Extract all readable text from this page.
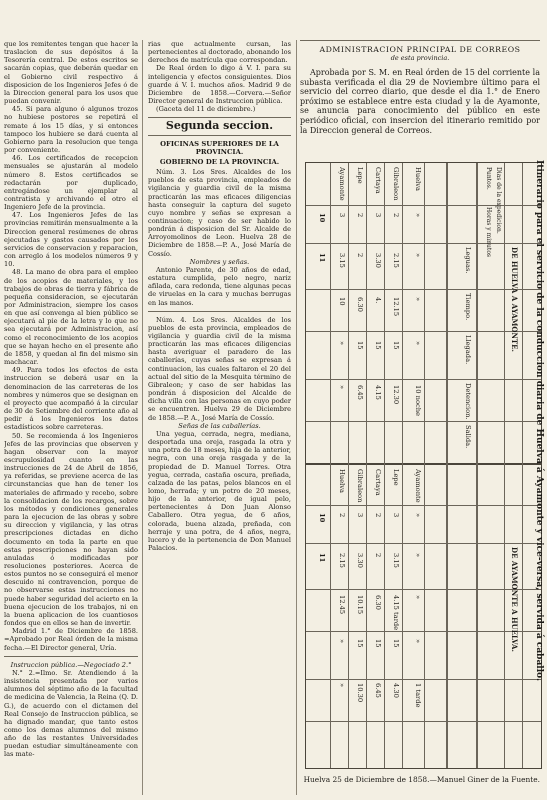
que los remitentes tengan que hacer la traslacion de sus depósitos á la Tesorería central. De estos escritos se sacarán copias, que deberán quedar en el Gobierno civil respectivo á disposicion de los Ingenieros Jefes ó de la Direccion general para los usos que puedan convenir.

45. Si para alguno ó algunos trozos no hubiese postores se repetirá el remate á los 15 días, y si entonces tampoco los hubiere se dará cuenta al Gobierno para la resolucion que tenga por conveniente.

46. Los certificados de recepcion mensuales se ajustarán al modelo número 8. Estos certificados se redactarán por duplicado, entregándose un ejemplar al contratista y archivando el otro el Ingeniero Jefe de la provincia.

47. Los Ingenieros Jefes de las provincias remitirán mensualmente a la Direccion general resúmenes de obras ejecutadas y gastos causados por los servicios de conservacion y reparacion, con arreglo á los modelos números 9 y 10.

48. La mano de obra para el empleo de los acopios de materiales, y los trabajos de obras de tierra y fábrica de pequeña consideracion, se ejecutarán por Administracion, siempre los casos en que así convenga al bien público se ejecutará al pie de la letra y lo que no sea ejecutará por Administracion, así como el reconocimiento de los acopios que se hayan hecho en el presente año de 1858, y quedan al fin del mismo sin machacar.

49. Para todos los efectos de esta instruccion se deberá usar en la denominacion de las carreteras de los nombres y números que se designan en el proyecto que acompañó á la circular de 30 de Setiembre del corriente año al pedir á los Ingenieros los datos estadísticos sobre carreteras.

50. Se recomienda á los Ingenieros Jefes de las provincias que observen y hagan observar con la mayor escrupulosidad cuanto en las instrucciones de 24 de Abril de 1856, ya referidas, se previene acerca de las circunstancias que han de tener los materiales de afirmado y recebo, sobre la consolidacion de los recargos, sobre los métodos y condiciones generales para la ejecucion de las obras y sobre su direccion y vigilancia, y las otras prescripciones dictadas en dicho documento en toda la parte en que estas prescripciones no hayan sido anuladas ó modificadas por resoluciones posteriores. Acerca de estos puntos no se conseguirá el menor descuido ni contravencion, porque de no observarse estas instrucciones no puede haber seguridad del acierto en la buena ejecucion de los trabajos, ni en la buena aplicacion de los cuantiosos fondos que en ellos se han de invertir.

Madrid 1.° de Diciembre de 1858. =Aprobado por Real órden de la misma fecha.—El Director general, Uría.

Instruccion pública.—Negociado 2.°

N.° 2.=Ilmo. Sr. Atendiendo á la insistencia presentada por varios alumnos del séptimo año de la facultad de medicina de Valencia, la Reina (Q. D. G.), de acuerdo con el dictamen del Real Consejo de Instruccion pública, se ha dignado mandar, que tanto estos como los demas alumnos del mismo año de las restantes Universidades puedan estudiar simultáneamente con las mate-

rias que actualmente cursan, las pertenecientes al doctorado, abonando los derechos de matrícula que correspondan.

De Real órden lo digo á V. I. para su inteligencia y efectos consiguientes. Dios guarde á V. I. muchos años. Madrid 9 de Diciembre de 1858.—Corvera.—Señor Director general de Instruccion pública.

(Gaceta del 11 de diciembre.)

Segunda seccion.
OFICINAS SUPERIORES DE LA PROVINCIA.
GOBIERNO DE LA PROVINCIA.

Núm. 3. Los Sres. Alcaldes de los pueblos de esta provincia, empleados de vigilancia y guardia civil de la misma practicarán las mas eficaces diligencias hasta conseguir la captura del sugeto cuyo nombre y señas se expresan a continuacion; y caso de ser habido lo pondrán á disposicion del Sr. Alcalde de Arroyomolinos de Leon. Huelva 28 de Diciembre de 1858.—P. A., José María de Cossío.

Nombres y señas.

Antonio Parente, de 30 años de edad, estatura cumplida, pelo negro, nariz afilada, cara redonda, tiene algunas pecas de viruelas en la cara y muchas berrugas en las manos.

Núm. 4. Los Sres. Alcaldes de los pueblos de esta provincia, empleados de vigilancia y guardia civil de la misma practicarán las mas eficaces diligencias hasta averiguar el paradero de las caballerías, cuyas señas se expresan á continuacion, las cuales faltaron el 20 del actual del sitio de la Mesquita término de Gibraleon; y caso de ser habidas las pondrán á disposicion del Alcalde de dicha villa con las personas en cuyo poder se encuentren. Huelva 29 de Diciembre de 1858.—P. A., José María de Cossío.

Señas de las caballerías.

Una yegua, cerrada, negra, mediana, desportada una oreja, rasgada la otra y una potra de 18 meses, hija de la anterior, negra, con una oreja rasgada y de la propiedad de D. Manuel Torres. Otra yegua, cerrada, castaña oscura, preñada, calzada de las patas, pelos blancos en el lomo, herrada; y un potro de 20 meses, hijo de la anterior, de igual pelo, pertenecientes á Don Juan Alonso Caballero. Otra yegua, de 6 años, colorada, buena alzada, preñada, con herraje y una potra, de 4 años, negra, lucero y de la pertenencia de Don Manuel Palacios.

ADMINISTRACION PRINCIPAL DE CORREOS
de esta provincia.

Aprobada por S. M. en Real órden de 15 del corriente la subasta verificada el dia 29 de Noviembre último para el servicio del correo diario, que desde el dia 1.° de Enero próximo se establece entre esta ciudad y la de Ayamonte, se anuncia para conocimiento del público en este periódico oficial, con insercion del itinerario remitido por la Direccion general de Correos.

DE HUELVA A AYAMONTE.
DE AYAMONTE A HUELVA.
Dias de la expedicion.
Horas y minutos
Leguas.
Tiempo.
Llegada.
Detencion.
Salida.
Puntos.
Huelva
Gibraleon
Cartaya
Lepe
Ayamonte
»
2
3
2
3
»
2.15
3.30
2
3.15
»
12.15
4.
6.30
10
»
15
15
15
»
10 noche
12.30
4.15
6.45
»
10
11
Ayamonte
Lepe
Cartaya
Gibraleon
Huelva
»
3
2
3
2
»
3.15
2
3.30
2.15
»
4.15 tarde
6.30
10.15
12.45
»
15
15
15
»
1 tarde
4.30
6.45
10.30
»
10
11	Itinerario para el servicio de la conduccion diaria de Huelva á Ayamonte y vice-versa, servida á caballo.
Huelva 25 de Diciembre de 1858.—Manuel Giner de la Fuente.
